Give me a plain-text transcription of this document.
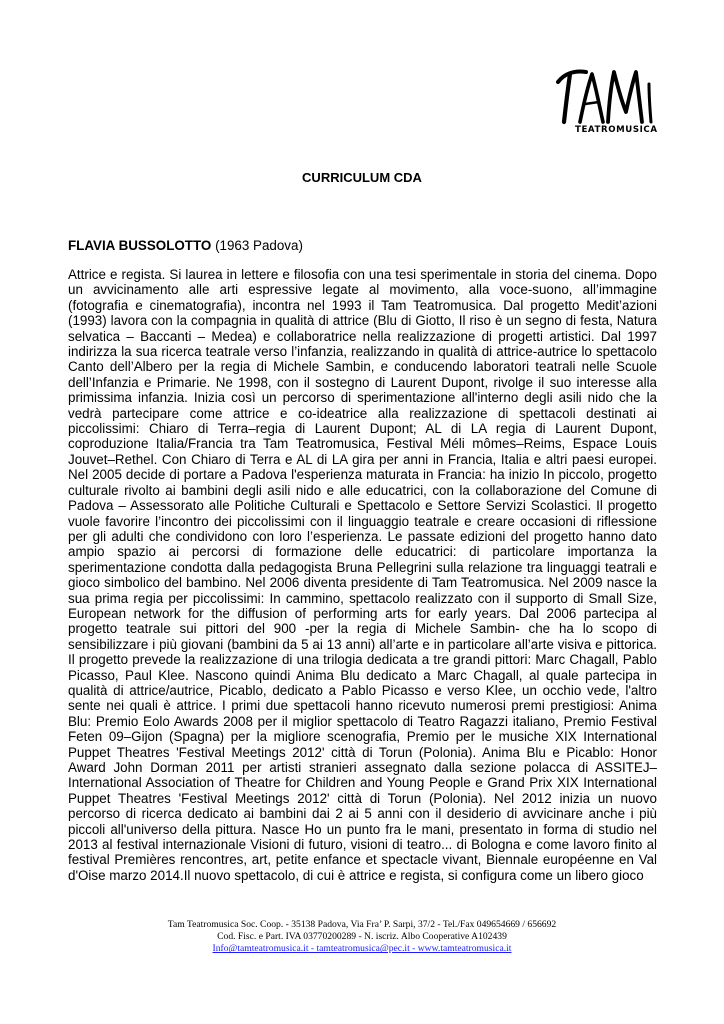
TEATROMUSICA
CURRICULUM CDA
FLAVIA BUSSOLOTTO (1963 Padova)
Attrice e regista. Si laurea in lettere e filosofia con una tesi sperimentale in storia del cinema. Dopo
un avvicinamento alle arti espressive legate al movimento, alla voce-suono, all’immagine
(fotografia e cinematografia), incontra nel 1993 il Tam Teatromusica. Dal progetto Medit’azioni
(1993) lavora con la compagnia in qualità di attrice (Blu di Giotto, Il riso è un segno di festa, Natura
selvatica – Baccanti – Medea) e collaboratrice nella realizzazione di progetti artistici. Dal 1997
indirizza la sua ricerca teatrale verso l’infanzia, realizzando in qualità di attrice-autrice lo spettacolo
Canto dell’Albero per la regia di Michele Sambin, e conducendo laboratori teatrali nelle Scuole
dell’Infanzia e Primarie. Ne 1998, con il sostegno di Laurent Dupont, rivolge il suo interesse alla
primissima infanzia. Inizia così un percorso di sperimentazione all'interno degli asili nido che la
vedrà partecipare come attrice e co-ideatrice alla realizzazione di spettacoli destinati ai
piccolissimi: Chiaro di Terra–regia di Laurent Dupont; AL di LA regia di Laurent Dupont,
coproduzione Italia/Francia tra Tam Teatromusica, Festival Méli mômes–Reims, Espace Louis
Jouvet–Rethel. Con Chiaro di Terra e AL di LA gira per anni in Francia, Italia e altri paesi europei.
Nel 2005 decide di portare a Padova l'esperienza maturata in Francia: ha inizio In piccolo, progetto
culturale rivolto ai bambini degli asili nido e alle educatrici, con la collaborazione del Comune di
Padova – Assessorato alle Politiche Culturali e Spettacolo e Settore Servizi Scolastici. Il progetto
vuole favorire l’incontro dei piccolissimi con il linguaggio teatrale e creare occasioni di riflessione
per gli adulti che condividono con loro l’esperienza. Le passate edizioni del progetto hanno dato
ampio spazio ai percorsi di formazione delle educatrici: di particolare importanza la
sperimentazione condotta dalla pedagogista Bruna Pellegrini sulla relazione tra linguaggi teatrali e
gioco simbolico del bambino. Nel 2006 diventa presidente di Tam Teatromusica. Nel 2009 nasce la
sua prima regia per piccolissimi: In cammino, spettacolo realizzato con il supporto di Small Size,
European network for the diffusion of performing arts for early years. Dal 2006 partecipa al
progetto teatrale sui pittori del 900 -per la regia di Michele Sambin- che ha lo scopo di
sensibilizzare i più giovani (bambini da 5 ai 13 anni) all’arte e in particolare all’arte visiva e pittorica.
Il progetto prevede la realizzazione di una trilogia dedicata a tre grandi pittori: Marc Chagall, Pablo
Picasso, Paul Klee. Nascono quindi Anima Blu dedicato a Marc Chagall, al quale partecipa in
qualità di attrice/autrice, Picablo, dedicato a Pablo Picasso e verso Klee, un occhio vede, l'altro
sente nei quali è attrice. I primi due spettacoli hanno ricevuto numerosi premi prestigiosi: Anima
Blu: Premio Eolo Awards 2008 per il miglior spettacolo di Teatro Ragazzi italiano, Premio Festival
Feten 09–Gijon (Spagna) per la migliore scenografia, Premio per le musiche XIX International
Puppet Theatres 'Festival Meetings 2012' città di Torun (Polonia). Anima Blu e Picablo: Honor
Award John Dorman 2011 per artisti stranieri assegnato dalla sezione polacca di ASSITEJ–
International Association of Theatre for Children and Young People e Grand Prix XIX International
Puppet Theatres 'Festival Meetings 2012' città di Torun (Polonia). Nel 2012 inizia un nuovo
percorso di ricerca dedicato ai bambini dai 2 ai 5 anni con il desiderio di avvicinare anche i più
piccoli all'universo della pittura. Nasce Ho un punto fra le mani, presentato in forma di studio nel
2013 al festival internazionale Visioni di futuro, visioni di teatro... di Bologna e come lavoro finito al
festival Premières rencontres, art, petite enfance et spectacle vivant, Biennale européenne en Val
d'Oise marzo 2014.Il nuovo spettacolo, di cui è attrice e regista, si configura come un libero gioco
Tam Teatromusica Soc. Coop. - 35138 Padova, Via Fra’ P. Sarpi, 37/2 - Tel./Fax 049654669 / 656692
Cod. Fisc. e Part. IVA 03770200289 - N. iscriz. Albo Cooperative A102439
Info@tamteatromusica.it - tamteatromusica@pec.it - www.tamteatromusica.it
